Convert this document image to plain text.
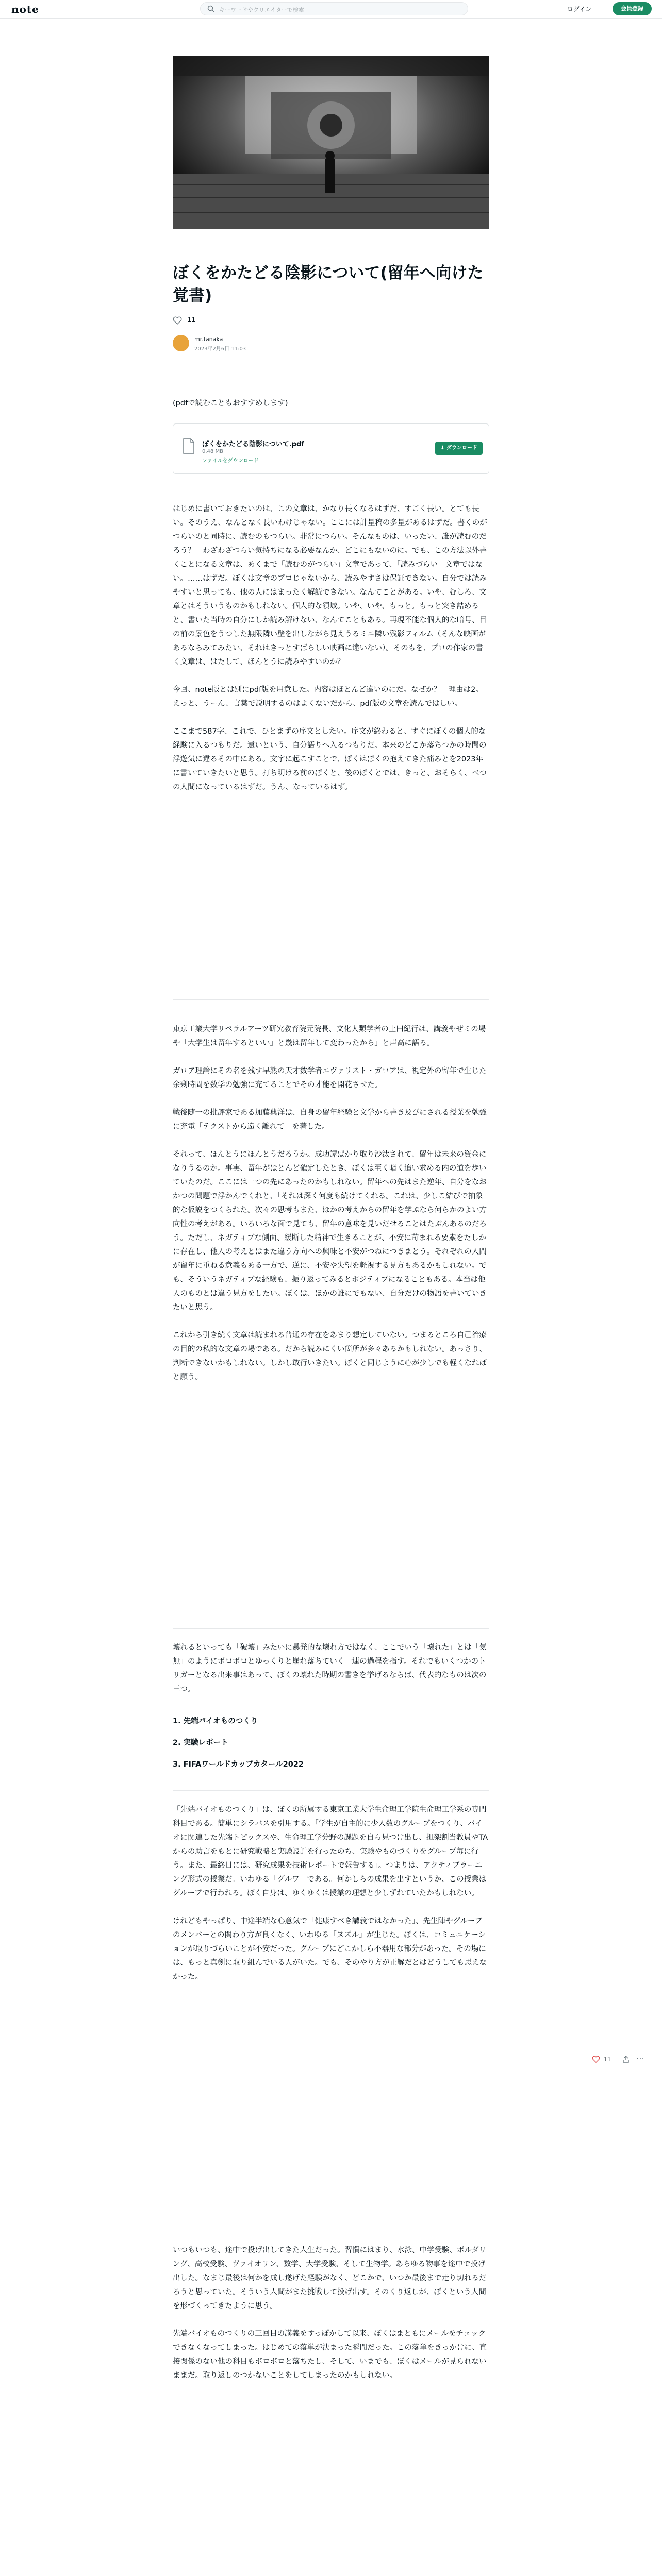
note	キーワードやクリエイターで検索	ログイン	会員登録
ぼくをかたどる陰影について(留年へ向けた覚書)
11
mr.tanaka
2023年2月6日 11:03

(pdfで読むこともおすすめします)

ぼくをかたどる陰影について.pdf
0.48 MB
ファイルをダウンロード
⬇ ダウンロード

はじめに書いておきたいのは、この文章は、かなり長くなるはずだ、すごく長い。とても長い。そのうえ、なんとなく長いわけじゃない。ここには計量稿の多量があるはずだ。書くのがつらいのと同時に、読むのもつらい。非常につらい。そんなものは、いったい、誰が読むのだろう？　わざわざつらい気持ちになる必要なんか、どこにもないのに。でも、この方法以外書くことになる文章は、あくまで「読むのがつらい」文章であって、「読みづらい」文章ではない。……はずだ。ぼくは文章のプロじゃないから、読みやすさは保証できない。自分では読みやすいと思っても、他の人にはまったく解読できない。なんてことがある。いや、むしろ、文章とはそういうものかもしれない。個人的な領域。いや、いや、もっと。もっと突き詰めると、書いた当時の自分にしか読み解けない、なんてこともある。再現不能な個人的な暗号、目の前の景色をうつした無限隣い壁を出しながら見えうるミニ隣い残影フィルム（そんな映画があるならみてみたい、それはきっとすばらしい映画に違いない）。そのもを、プロの作家の書く文章は、はたして、ほんとうに読みやすいのか？

今回、note版とは別にpdf版を用意した。内容はほとんど違いのにだ。なぜか？　理由は2。えっと、うーん、言葉で説明するのはよくないだから、pdf版の文章を読んではしい。

ここまで587字、これで、ひとまずの序文としたい。序文が終わると、すぐにぼくの個人的な経験に入るつもりだ。遠いという、自分語りへ入るつもりだ。本来のどこか落ちつかの時間の浮遊気に違るその中にある。文字に起こすことで、ぼくはぼくの抱えてきた痛みとを2023年に書いていきたいと思う。打ち明ける前のぼくと、後のぼくとでは、きっと、おそらく、べつの人間になっているはずだ。うん、なっているはず。

東京工業大学リベラルアーツ研究教育院元院長、文化人類学者の上田紀行は、講義やぜミの場や「大学生は留年するといい」と幾は留年して変わったから」と声高に語る。

ガロア理論にその名を残す早熟の天才数学者エヴァリスト・ガロアは、視定外の留年で生じた余剰時間を数学の勉強に充てることでその才能を開花させた。

戦後随一の批評家である加藤典洋は、自身の留年経験と文学から書き及びにされる授業を勉強に充電「テクストから遠く離れて」を著した。

それって、ほんとうにほんとうだろうか。成功譚ばかり取り沙汰されて、留年は未来の資金になりうるのか。事実、留年がほとんど確定したとき、ぼくは至く暗く追い求める内の道を歩いていたのだ。ここには一つの先にあったのかもしれない。留年への先はまた逆年、自分をなおかつの問題で浮かんでくれと、「それは深く何度も続けてくれる。これは、少しこ結びで抽象的な仮説をつくられた。次々の思考もまた、ほかの考えからの留年を学ぶなら何らかのよい方向性の考えがある。いろいろな面で見ても、留年の意味を見いだせることはたぶんあるのだろう。ただし、ネガティブな側面、緩断した精神で生きることが、不安に苛まれる要素をたしかに存在し、他人の考えとはまた違う方向への興味と不安がつねにつきまとう。それぞれの人間が留年に重ねる意義もある一方で、逆に、不安や失望を軽視する見方もあるかもしれない。でも、そういうネガティブな経験も、振り返ってみるとポジティブになることもある。本当は他人のものとは違う見方をしたい。ぼくは、ほかの誰にでもない、自分だけの物語を書いていきたいと思う。

これから引き続く文章は読まれる普通の存在をあまり想定していない。つまるところ自己治療の目的の私的な文章の場である。だから読みにくい箇所が多々あるかもしれない。あっさり、判断できないかもしれない。しかし敢行いきたい。ぼくと同じように心が少しでも軽くなればと願う。

壊れるといっても「破壊」みたいに暴発的な壊れ方ではなく、ここでいう「壊れた」とは「気無」のようにボロボロとゆっくりと崩れ落ちていく一連の過程を指す。それでもいくつかのトリガーとなる出来事はあって、ぼくの壊れた時期の書きを挙げるならば、代表的なものは次の三つ。

1. 先端バイオものつくり
2. 実験レポート
3. FIFAワールドカップカタール2022

「先端バイオものつくり」は、ぼくの所属する東京工業大学生命理工学院生命理工学系の専門科目である。簡単にシラバスを引用する。「学生が自主的に少人数のグループをつくり、バイオに関連した先端トピックスや、生命理工学分野の課題を自ら見つけ出し、担架割当教員やTAからの助言をもとに研究戦略と実験設計を行ったのち、実験やものづくりをグループ毎に行う。また、最終日には、研究成果を技術レポートで報告する」。つまりは、アクティブラーニング形式の授業だ。いわゆる「グルワ」である。何かしらの成果を出すというか、この授業はグループで行われる。ぼく自身は、ゆくゆくは授業の理想と少しずれていたかもしれない。

けれどもやっぱり、中途半端な心意気で「健康すべき講義ではなかった」、先生陣やグループのメンバーとの関わり方が良くなく、いわゆる「ヌズル」が生じた。ぼくは、コミュニケーションが取りづらいことが不安だった。グループにどこかしら不器用な部分があった。その場には、もっと真剣に取り組んでいる人がいた。でも、そのやり方が正解だとはどうしても思えなかった。

いつもいつも、途中で投げ出してきた人生だった。習慣にはまり、水泳、中学受験、ボルダリング、高校受験、ヴァイオリン、数学、大学受験、そして生物学。あらゆる物事を途中で投げ出した。なまじ最後は何かを成し遂げた経験がなく、どこかで、いつか最後まで走り切れるだろうと思っていた。そういう人間がまた挑戦して投げ出す。そのくり返しが、ぼくという人間を形づくってきたように思う。

先端バイオものつくりの三回目の講義をすっぽかして以来、ぼくはまともにメールをチェックできなくなってしまった。はじめての落単が決まった瞬間だった。この落単をきっかけに、直接関係のない他の科目もボロボロと落ちたし、そして、いまでも、ぼくはメールが見られないままだ。取り返しのつかないことをしてしまったのかもしれない。

11	⋯
